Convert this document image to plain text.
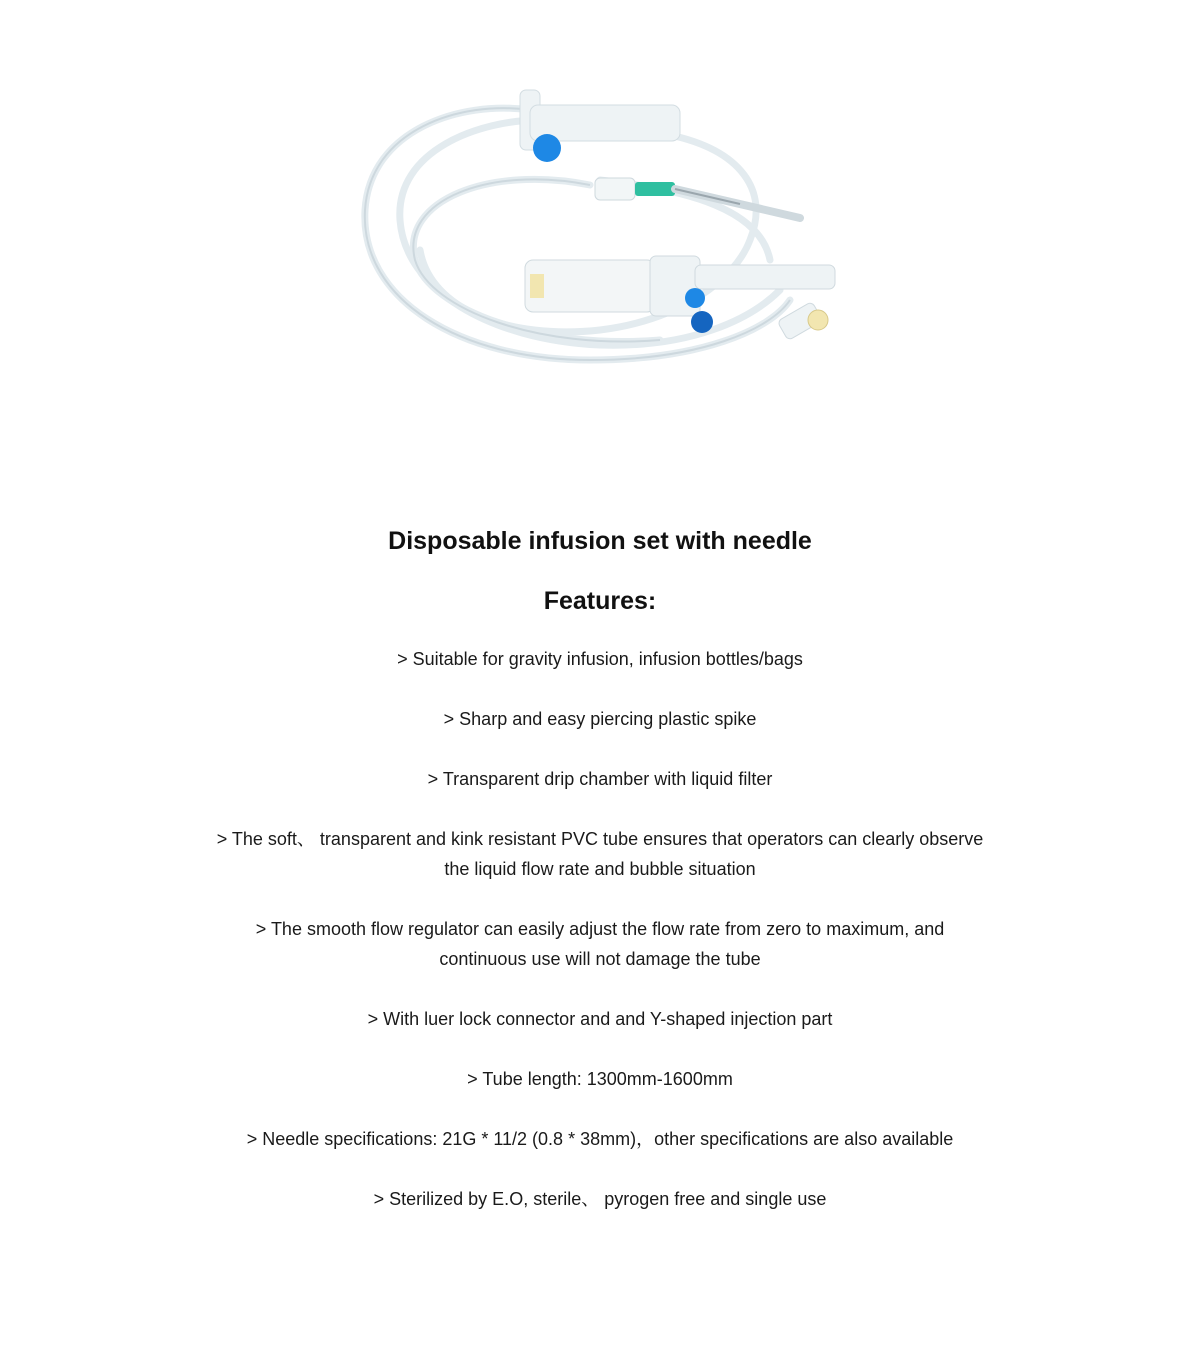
Disposable infusion set with needle
Features:
> Suitable for gravity infusion, infusion bottles/bags
> Sharp and easy piercing plastic spike
> Transparent drip chamber with liquid filter
> The soft、 transparent and kink resistant PVC tube ensures that operators can clearly observe the liquid flow rate and bubble situation
> The smooth flow regulator can easily adjust the flow rate from zero to maximum, and continuous use will not damage the tube
> With luer lock connector and and Y-shaped injection part
> Tube length: 1300mm-1600mm
> Needle specifications: 21G * 11/2 (0.8 * 38mm)，other specifications are also available
> Sterilized by E.O, sterile、 pyrogen free and single use
